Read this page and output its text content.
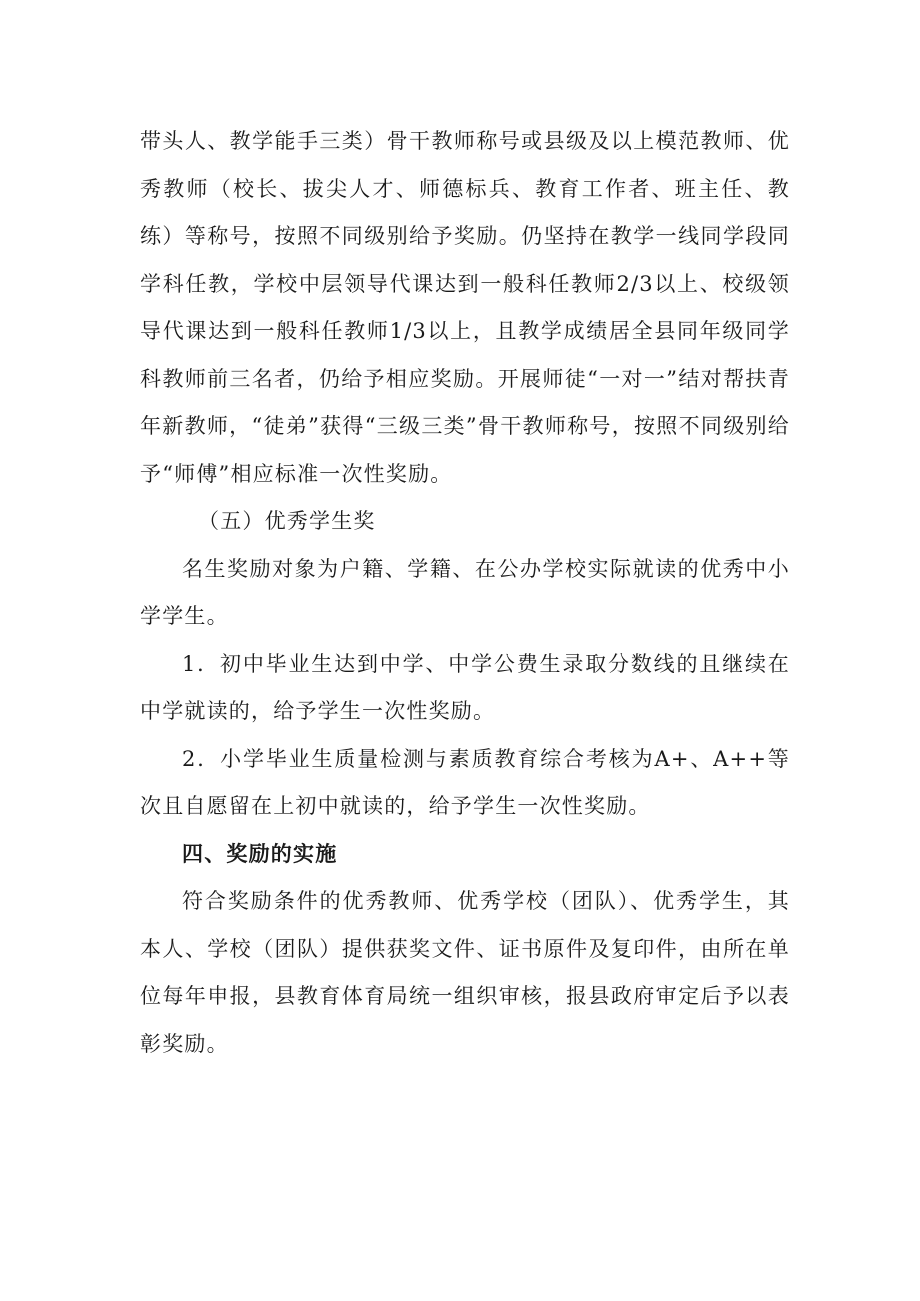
带头人、教学能手三类）骨干教师称号或县级及以上模范教师、优秀教师（校长、拔尖人才、师德标兵、教育工作者、班主任、教练）等称号，按照不同级别给予奖励。仍坚持在教学一线同学段同学科任教，学校中层领导代课达到一般科任教师2/3以上、校级领导代课达到一般科任教师1/3以上，且教学成绩居全县同年级同学科教师前三名者，仍给予相应奖励。开展师徒“一对一”结对帮扶青年新教师，“徒弟”获得“三级三类”骨干教师称号，按照不同级别给予“师傅”相应标准一次性奖励。

（五）优秀学生奖

名生奖励对象为户籍、学籍、在公办学校实际就读的优秀中小学学生。

1．初中毕业生达到中学、中学公费生录取分数线的且继续在中学就读的，给予学生一次性奖励。

2．小学毕业生质量检测与素质教育综合考核为A+、A++等次且自愿留在上初中就读的，给予学生一次性奖励。

四、奖励的实施

符合奖励条件的优秀教师、优秀学校（团队）、优秀学生，其本人、学校（团队）提供获奖文件、证书原件及复印件，由所在单位每年申报，县教育体育局统一组织审核，报县政府审定后予以表彰奖励。
